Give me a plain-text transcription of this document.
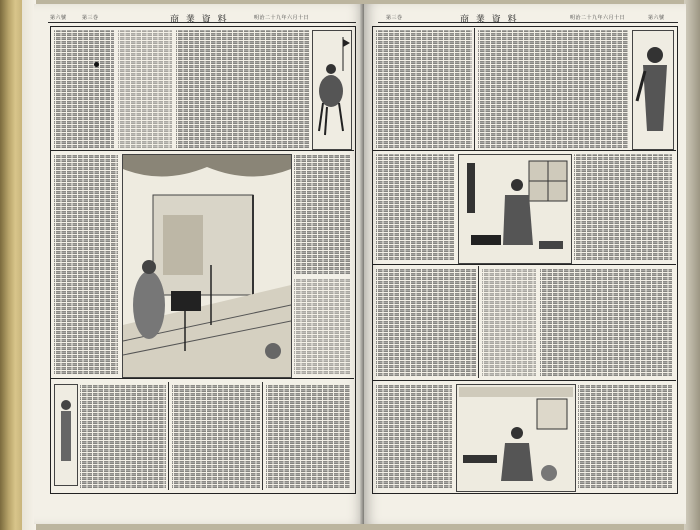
第六號	第三巻	商 業 資 料	明治二十九年六月十日	第三巻	商 業 資 料	明治二十九年六月十日	第六號
